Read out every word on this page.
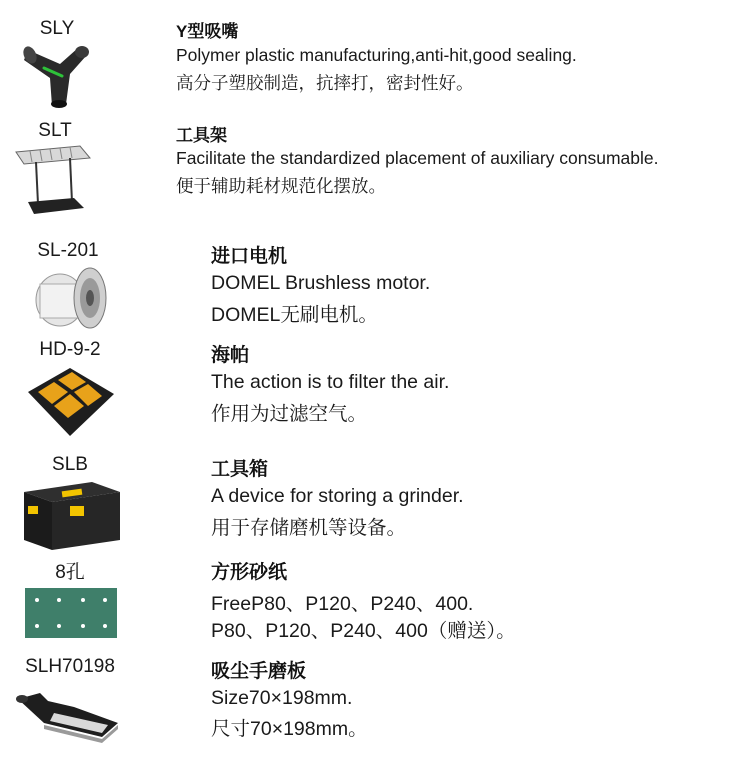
SLY	Y型吸嘴
Polymer plastic manufacturing,anti-hit,good sealing.
高分子塑胶制造，抗摔打，密封性好。
SLT	工具架
Facilitate the standardized placement of auxiliary consumable.
便于辅助耗材规范化摆放。
SL-201	进口电机
DOMEL Brushless motor.
DOMEL无刷电机。
HD-9-2	海帕
The action is to filter the air.
作用为过滤空气。
SLB	工具箱
A device for storing a grinder.
用于存储磨机等设备。
8孔	方形砂纸
FreeP80、P120、P240、400.
P80、P120、P240、400（赠送）。
SLH70198	吸尘手磨板
Size70×198mm.
尺寸70×198mm。
